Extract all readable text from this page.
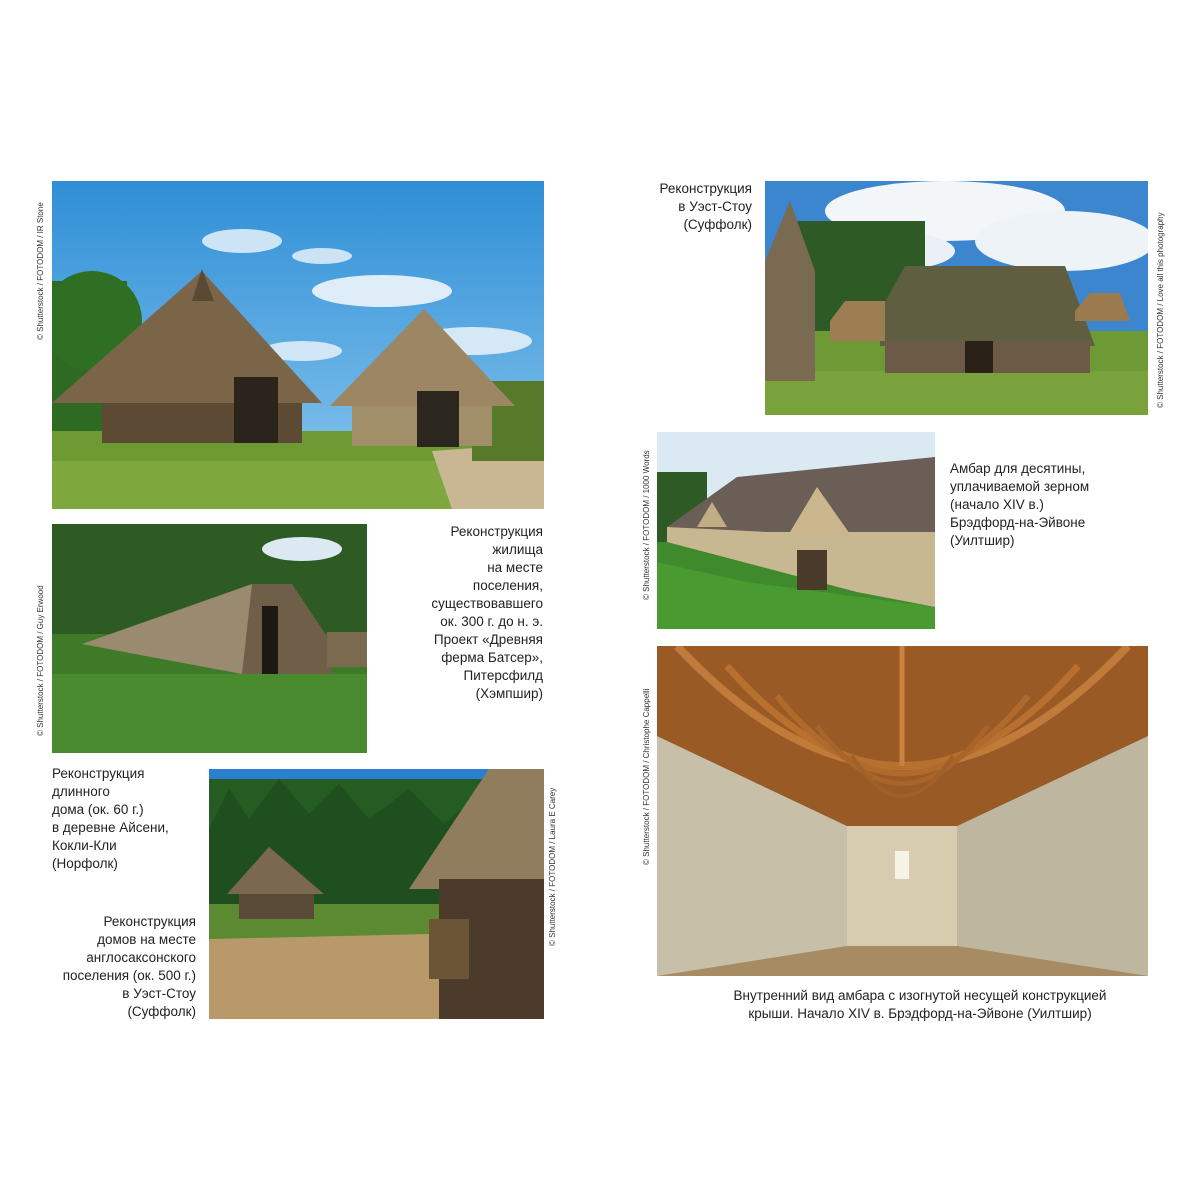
© Shutterstock / FOTODOM / IR Stone
© Shutterstock / FOTODOM / Guy Erwood
© Shutterstock / FOTODOM / Laura E Carey
© Shutterstock / FOTODOM / Love all this photography
© Shutterstock / FOTODOM / 1000 Words
© Shutterstock / FOTODOM / Christophe Cappelli
Реконструкция
жилища
на месте
поселения,
существовавшего
ок. 300 г. до н. э.
Проект «Древняя
ферма Батсер»,
Питерсфилд
(Хэмпшир)
Реконструкция
длинного
дома (ок. 60 г.)
в деревне Айсени,
Кокли-Кли
(Норфолк)
Реконструкция
домов на месте
англосаксонского
поселения (ок. 500 г.)
в Уэст-Стоу
(Суффолк)
Реконструкция
в Уэст-Стоу
(Суффолк)
Амбар для десятины,
уплачиваемой зерном
(начало XIV в.)
Брэдфорд-на-Эйвоне
(Уилтшир)
Внутренний вид амбара с изогнутой несущей конструкцией
крыши. Начало XIV в. Брэдфорд-на-Эйвоне (Уилтшир)
